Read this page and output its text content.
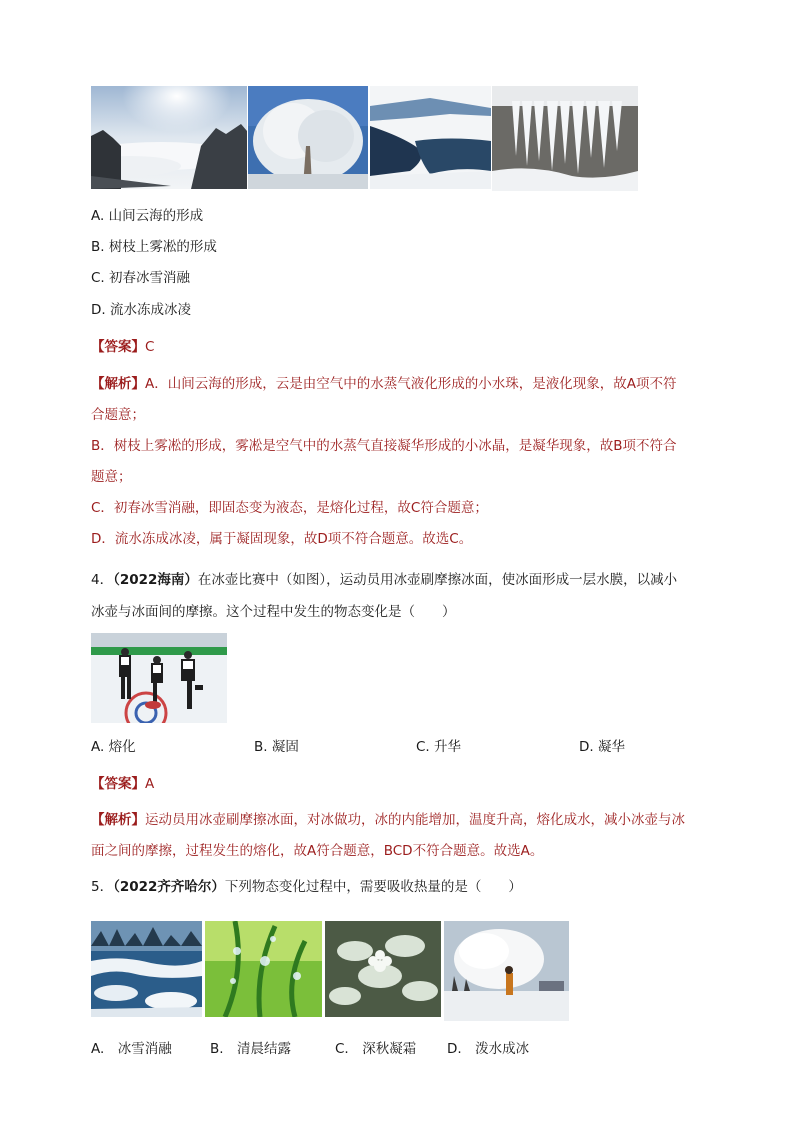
A. 山间云海的形成
B. 树枝上雾凇的形成
C. 初春冰雪消融
D. 流水冻成冰凌
【答案】C
【解析】A．山间云海的形成，云是由空气中的水蒸气液化形成的小水珠，是液化现象，故A项不符
合题意；
B．树枝上雾凇的形成，雾凇是空气中的水蒸气直接凝华形成的小冰晶，是凝华现象，故B项不符合
题意；
C．初春冰雪消融，即固态变为液态，是熔化过程，故C符合题意；
D．流水冻成冰凌，属于凝固现象，故D项不符合题意。故选C。
4．（2022海南）在冰壶比赛中（如图），运动员用冰壶刷摩擦冰面，使冰面形成一层水膜，以减小
冰壶与冰面间的摩擦。这个过程中发生的物态变化是（　　）
A. 熔化	B. 凝固	C. 升华	D. 凝华
【答案】A
【解析】运动员用冰壶刷摩擦冰面，对冰做功，冰的内能增加，温度升高，熔化成水，减小冰壶与冰
面之间的摩擦，过程发生的熔化，故A符合题意，BCD不符合题意。故选A。
5．（2022齐齐哈尔）下列物态变化过程中，需要吸收热量的是（　　）
A.　冰雪消融	B.　清晨结露	C.　深秋凝霜 D.　泼水成冰
